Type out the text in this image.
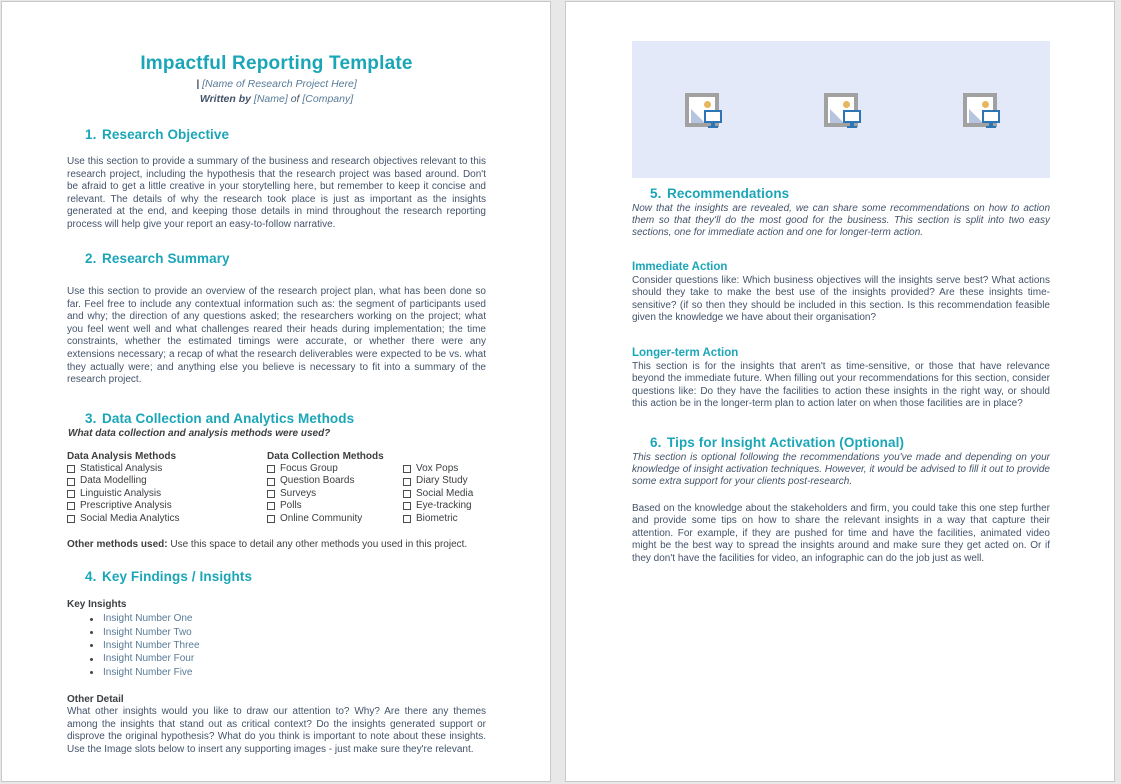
Impactful Reporting Template
| [Name of Research Project Here]
Written by [Name] of [Company]
1. Research Objective

Use this section to provide a summary of the business and research objectives relevant to this research project, including the hypothesis that the research project was based around. Don't be afraid to get a little creative in your storytelling here, but remember to keep it concise and relevant. The details of why the research took place is just as important as the insights generated at the end, and keeping those details in mind throughout the research reporting process will help give your report an easy-to-follow narrative.

2. Research Summary

Use this section to provide an overview of the research project plan, what has been done so far. Feel free to include any contextual information such as: the segment of participants used and why; the direction of any questions asked; the researchers working on the project; what you feel went well and what challenges reared their heads during implementation; the time constraints, whether the estimated timings were accurate, or whether there were any extensions necessary; a recap of what the research deliverables were expected to be vs. what they actually were; and anything else you believe is necessary to fit into a summary of the research project.

3. Data Collection and Analytics Methods
What data collection and analysis methods were used?
Data Analysis Methods
Statistical Analysis
Data Modelling
Linguistic Analysis
Prescriptive Analysis
Social Media Analytics
Data Collection Methods
Focus Group
Question Boards
Surveys
Polls
Online Community
Vox Pops
Diary Study
Social Media
Eye-tracking
Biometric
Other methods used: Use this space to detail any other methods you used in this project.
4. Key Findings / Insights
Key Insights
Insight Number One
Insight Number Two
Insight Number Three
Insight Number Four
Insight Number Five
Other Detail

What other insights would you like to draw our attention to? Why? Are there any themes among the insights that stand out as critical context? Do the insights generated support or disprove the original hypothesis? What do you think is important to note about these insights. Use the Image slots below to insert any supporting images - just make sure they're relevant.

5. Recommendations

Now that the insights are revealed, we can share some recommendations on how to action them so that they'll do the most good for the business. This section is split into two easy sections, one for immediate action and one for longer-term action.

Immediate Action

Consider questions like: Which business objectives will the insights serve best? What actions should they take to make the best use of the insights provided? Are these insights time-sensitive? (if so then they should be included in this section. Is this recommendation feasible given the knowledge we have about their organisation?

Longer-term Action

This section is for the insights that aren't as time-sensitive, or those that have relevance beyond the immediate future. When filling out your recommendations for this section, consider questions like: Do they have the facilities to action these insights in the right way, or should this action be in the longer-term plan to action later on when those facilities are in place?

6. Tips for Insight Activation (Optional)

This section is optional following the recommendations you've made and depending on your knowledge of insight activation techniques. However, it would be advised to fill it out to provide some extra support for your clients post-research.

Based on the knowledge about the stakeholders and firm, you could take this one step further and provide some tips on how to share the relevant insights in a way that capture their attention. For example, if they are pushed for time and have the facilities, animated video might be the best way to spread the insights around and make sure they get acted on. Or if they don't have the facilities for video, an infographic can do the job just as well.
